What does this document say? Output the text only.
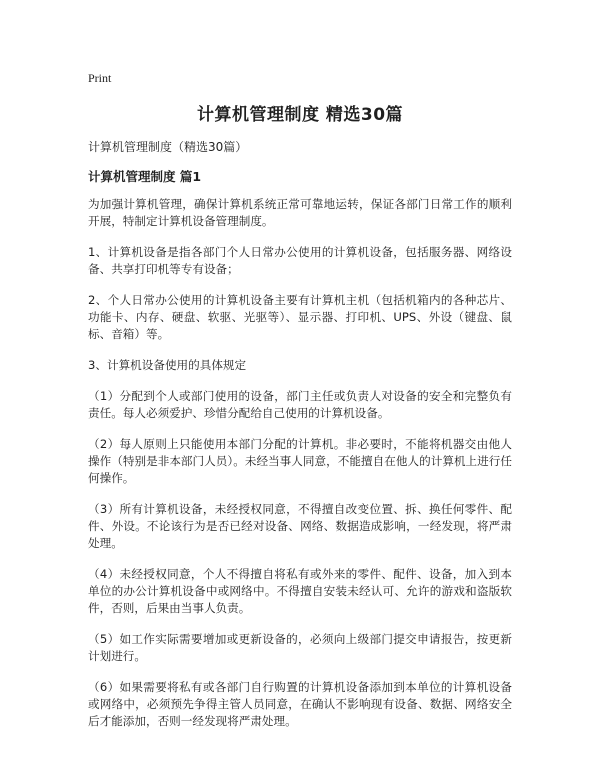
Print
计算机管理制度 精选30篇
计算机管理制度（精选30篇）
计算机管理制度 篇1

为加强计算机管理，确保计算机系统正常可靠地运转，保证各部门日常工作的顺利开展，特制定计算机设备管理制度。

1、计算机设备是指各部门个人日常办公使用的计算机设备，包括服务器、网络设备、共享打印机等专有设备；

2、个人日常办公使用的计算机设备主要有计算机主机（包括机箱内的各种芯片、功能卡、内存、硬盘、软驱、光驱等）、显示器、打印机、UPS、外设（键盘、鼠标、音箱）等。

3、计算机设备使用的具体规定

（1）分配到个人或部门使用的设备，部门主任或负责人对设备的安全和完整负有责任。每人必须爱护、珍惜分配给自己使用的计算机设备。

（2）每人原则上只能使用本部门分配的计算机。非必要时，不能将机器交由他人操作（特别是非本部门人员）。未经当事人同意，不能擅自在他人的计算机上进行任何操作。

（3）所有计算机设备，未经授权同意，不得擅自改变位置、拆、换任何零件、配件、外设。不论该行为是否已经对设备、网络、数据造成影响，一经发现，将严肃处理。

（4）未经授权同意，个人不得擅自将私有或外来的零件、配件、设备，加入到本单位的办公计算机设备中或网络中。不得擅自安装未经认可、允许的游戏和盗版软件，否则，后果由当事人负责。

（5）如工作实际需要增加或更新设备的，必须向上级部门提交申请报告，按更新计划进行。

（6）如果需要将私有或各部门自行购置的计算机设备添加到本单位的计算机设备或网络中，必须预先争得主管人员同意，在确认不影响现有设备、数据、网络安全后才能添加，否则一经发现将严肃处理。
